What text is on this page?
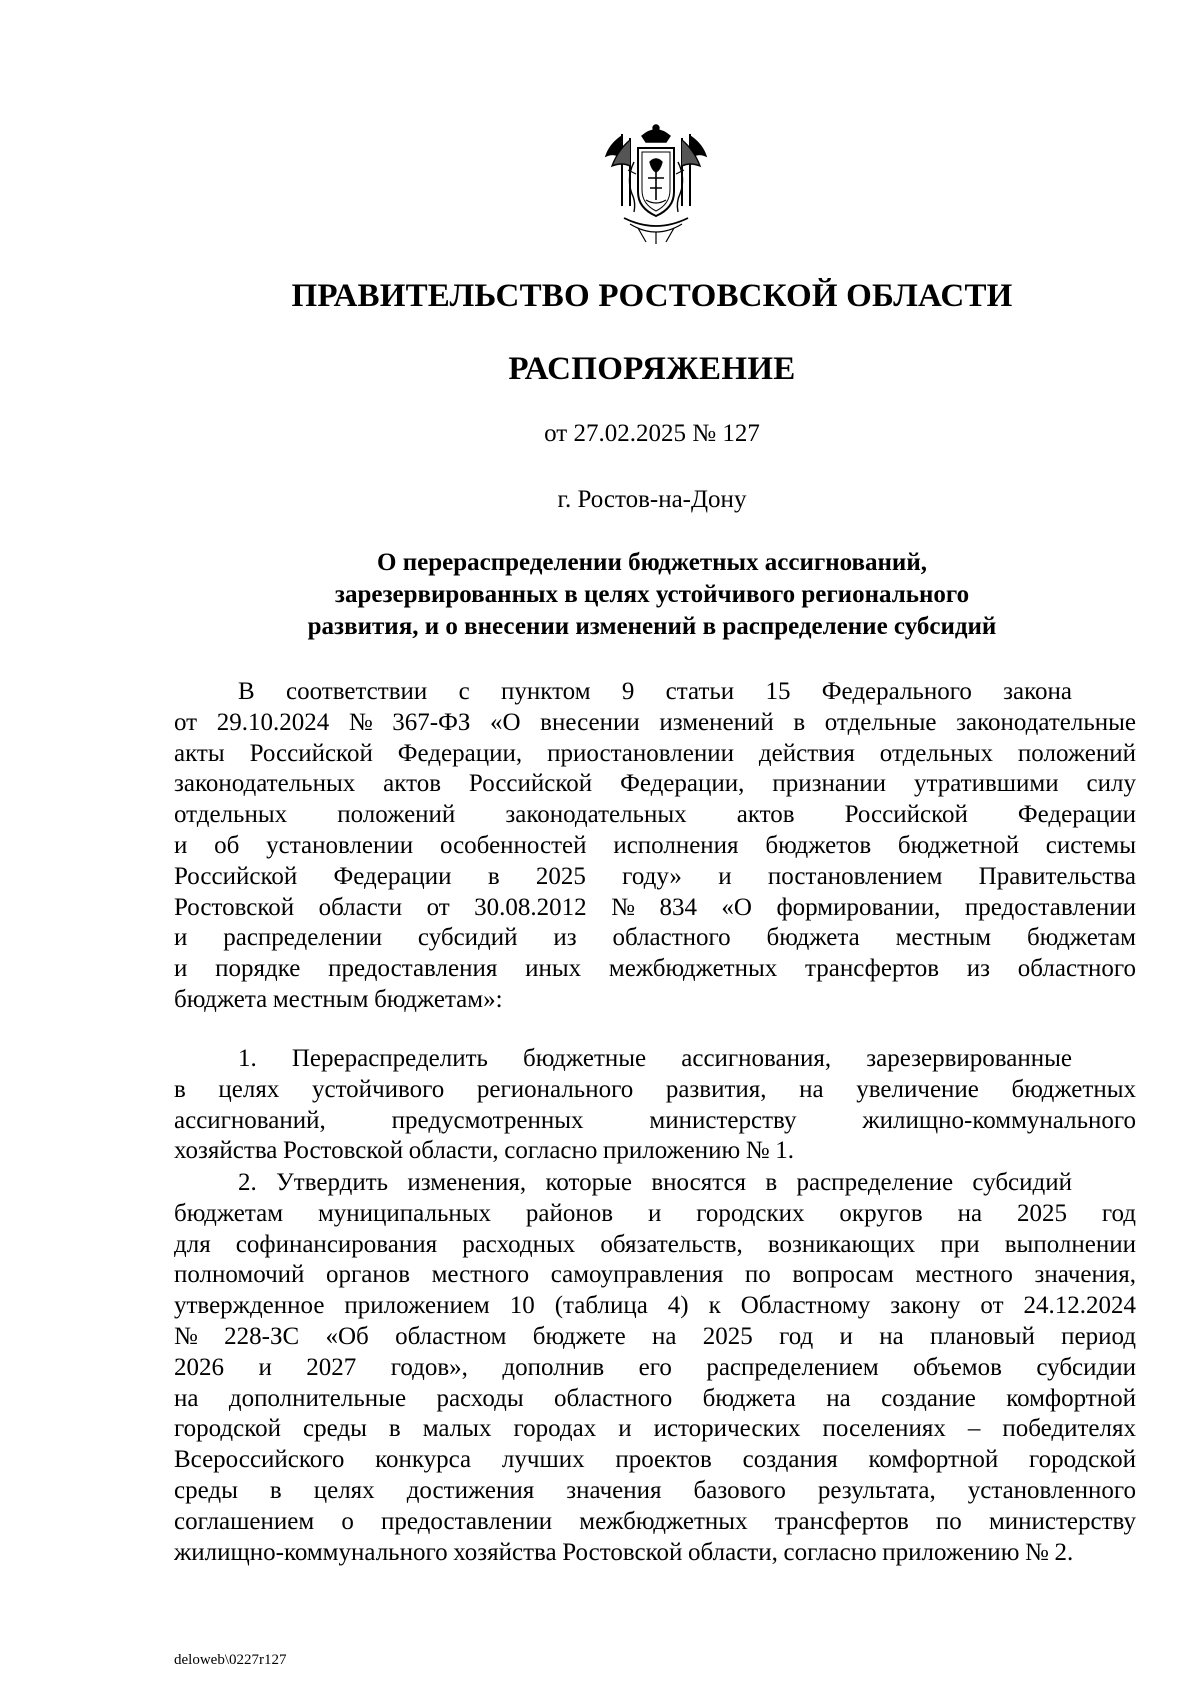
ПРАВИТЕЛЬСТВО РОСТОВСКОЙ ОБЛАСТИ
РАСПОРЯЖЕНИЕ
от 27.02.2025 № 127
г. Ростов-на-Дону
О перераспределении бюджетных ассигнований,
зарезервированных в целях устойчивого регионального
развития, и о внесении изменений в распределение субсидий
В соответствии с пунктом 9 статьи 15 Федерального закона
от 29.10.2024 № 367-ФЗ «О внесении изменений в отдельные законодательные
акты Российской Федерации, приостановлении действия отдельных положений
законодательных актов Российской Федерации, признании утратившими силу
отдельных положений законодательных актов Российской Федерации
и об установлении особенностей исполнения бюджетов бюджетной системы
Российской Федерации в 2025 году» и постановлением Правительства
Ростовской области от 30.08.2012 № 834 «О формировании, предоставлении
и распределении субсидий из областного бюджета местным бюджетам
и порядке предоставления иных межбюджетных трансфертов из областного
бюджета местным бюджетам»:
1. Перераспределить бюджетные ассигнования, зарезервированные
в целях устойчивого регионального развития, на увеличение бюджетных
ассигнований, предусмотренных министерству жилищно-коммунального
хозяйства Ростовской области, согласно приложению № 1.
2. Утвердить изменения, которые вносятся в распределение субсидий
бюджетам муниципальных районов и городских округов на 2025 год
для софинансирования расходных обязательств, возникающих при выполнении
полномочий органов местного самоуправления по вопросам местного значения,
утвержденное приложением 10 (таблица 4) к Областному закону от 24.12.2024
№ 228-ЗС «Об областном бюджете на 2025 год и на плановый период
2026 и 2027 годов», дополнив его распределением объемов субсидии
на дополнительные расходы областного бюджета на создание комфортной
городской среды в малых городах и исторических поселениях – победителях
Всероссийского конкурса лучших проектов создания комфортной городской
среды в целях достижения значения базового результата, установленного
соглашением о предоставлении межбюджетных трансфертов по министерству
жилищно-коммунального хозяйства Ростовской области, согласно приложению № 2.
deloweb\0227r127
